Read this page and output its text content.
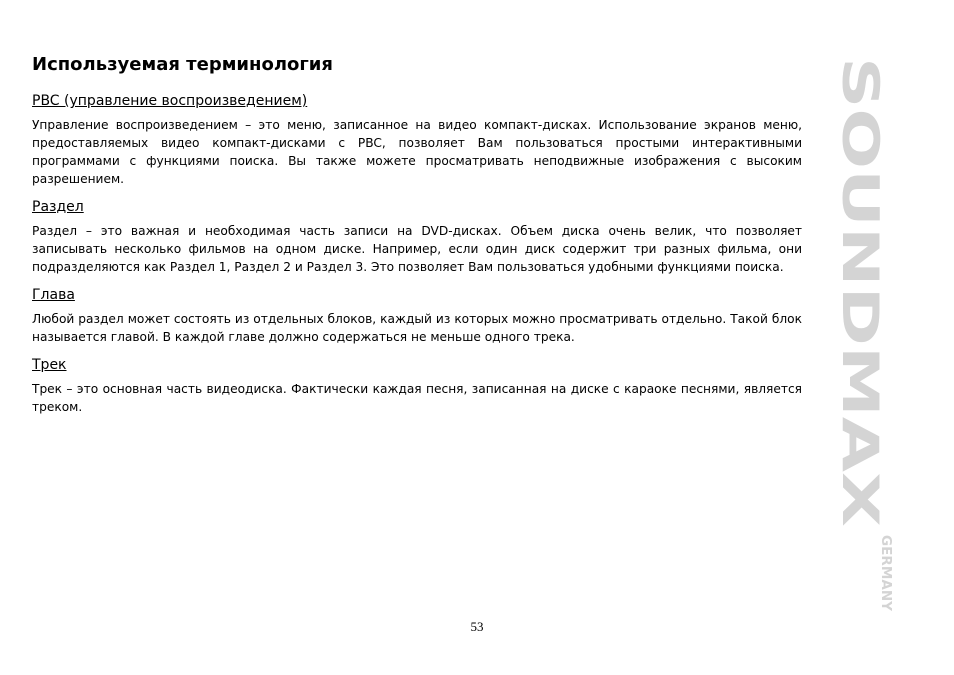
Используемая терминология
PBC (управление воспроизведением)

Управление воспроизведением – это меню, записанное на видео компакт-дисках. Использование экранов меню, предоставляемых видео компакт-дисками с PBC, позволяет Вам пользоваться простыми интерактивными программами с функциями поиска. Вы также можете просматривать неподвижные изображения с высоким разрешением.

Раздел

Раздел – это важная и необходимая часть записи на DVD-дисках. Объем диска очень велик, что позволяет записывать несколько фильмов на одном диске. Например, если один диск содержит три разных фильма, они подразделяются как Раздел 1, Раздел 2 и Раздел 3. Это позволяет Вам пользоваться удобными функциями поиска.

Глава

Любой раздел может состоять из отдельных блоков, каждый из которых можно просматривать отдельно. Такой блок называется главой. В каждой главе должно содержаться не меньше одного трека.

Трек

Трек – это основная часть видеодиска. Фактически каждая песня, записанная на диске с караоке песнями, является треком.

SOUNDMAX
GERMANY
53
